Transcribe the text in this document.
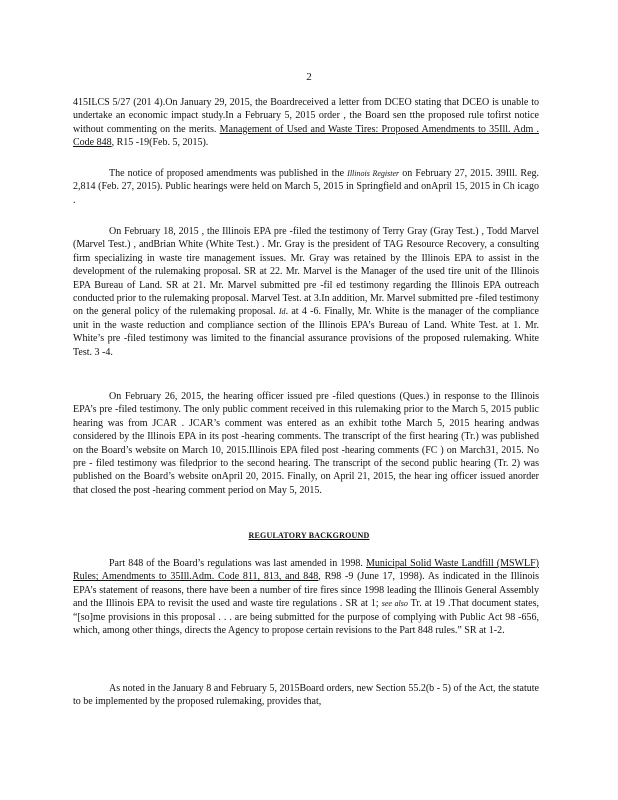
2

415ILCS 5/27 (201 4).On January 29, 2015, the Boardreceived a letter from DCEO stating that DCEO is unable to undertake an economic impact study.In a February 5, 2015 order , the Board sen tthe proposed rule tofirst notice without commenting on the merits. Management of Used and Waste Tires: Proposed Amendments to 35Ill. Adm . Code 848, R15 -19(Feb. 5, 2015).

The notice of proposed amendments was published in the Illinois Register on February 27, 2015. 39Ill. Reg. 2,814 (Feb. 27, 2015). Public hearings were held on March 5, 2015 in Springfield and onApril 15, 2015 in Ch icago .

On February 18, 2015 , the Illinois EPA pre -filed the testimony of Terry Gray (Gray Test.) , Todd Marvel (Marvel Test.) , andBrian White (White Test.) . Mr. Gray is the president of TAG Resource Recovery, a consulting firm specializing in waste tire management issues. Mr. Gray was retained by the Illinois EPA to assist in the development of the rulemaking proposal. SR at 22. Mr. Marvel is the Manager of the used tire unit of the Illinois EPA Bureau of Land. SR at 21. Mr. Marvel submitted pre -fil ed testimony regarding the Illinois EPA outreach conducted prior to the rulemaking proposal. Marvel Test. at 3.In addition, Mr. Marvel submitted pre -filed testimony on the general policy of the rulemaking proposal. Id. at 4 -6. Finally, Mr. White is the manager of the compliance unit in the waste reduction and compliance section of the Illinois EPA’s Bureau of Land. White Test. at 1. Mr. White’s pre -filed testimony was limited to the financial assurance provisions of the proposed rulemaking. White Test. 3 -4.

On February 26, 2015, the hearing officer issued pre -filed questions (Ques.) in response to the Illinois EPA’s pre -filed testimony. The only public comment received in this rulemaking prior to the March 5, 2015 public hearing was from JCAR . JCAR’s comment was entered as an exhibit tothe March 5, 2015 hearing andwas considered by the Illinois EPA in its post -hearing comments. The transcript of the first hearing (Tr.) was published on the Board’s website on March 10, 2015.Illinois EPA filed post -hearing comments (FC ) on March31, 2015. No pre - filed testimony was filedprior to the second hearing. The transcript of the second public hearing (Tr. 2) was published on the Board’s website onApril 20, 2015. Finally, on April 21, 2015, the hear ing officer issued anorder that closed the post -hearing comment period on May 5, 2015.

REGULATORY BACKGROUND

Part 848 of the Board’s regulations was last amended in 1998. Municipal Solid Waste Landfill (MSWLF) Rules; Amendments to 35Ill.Adm. Code 811, 813, and 848, R98 -9 (June 17, 1998). As indicated in the Illinois EPA’s statement of reasons, there have been a number of tire fires since 1998 leading the Illinois General Assembly and the Illinois EPA to revisit the used and waste tire regulations . SR at 1; see also Tr. at 19 .That document states, “[so]me provisions in this proposal . . . are being submitted for the purpose of complying with Public Act 98 -656, which, among other things, directs the Agency to propose certain revisions to the Part 848 rules.” SR at 1-2.

As noted in the January 8 and February 5, 2015Board orders, new Section 55.2(b - 5) of the Act, the statute to be implemented by the proposed rulemaking, provides that,
